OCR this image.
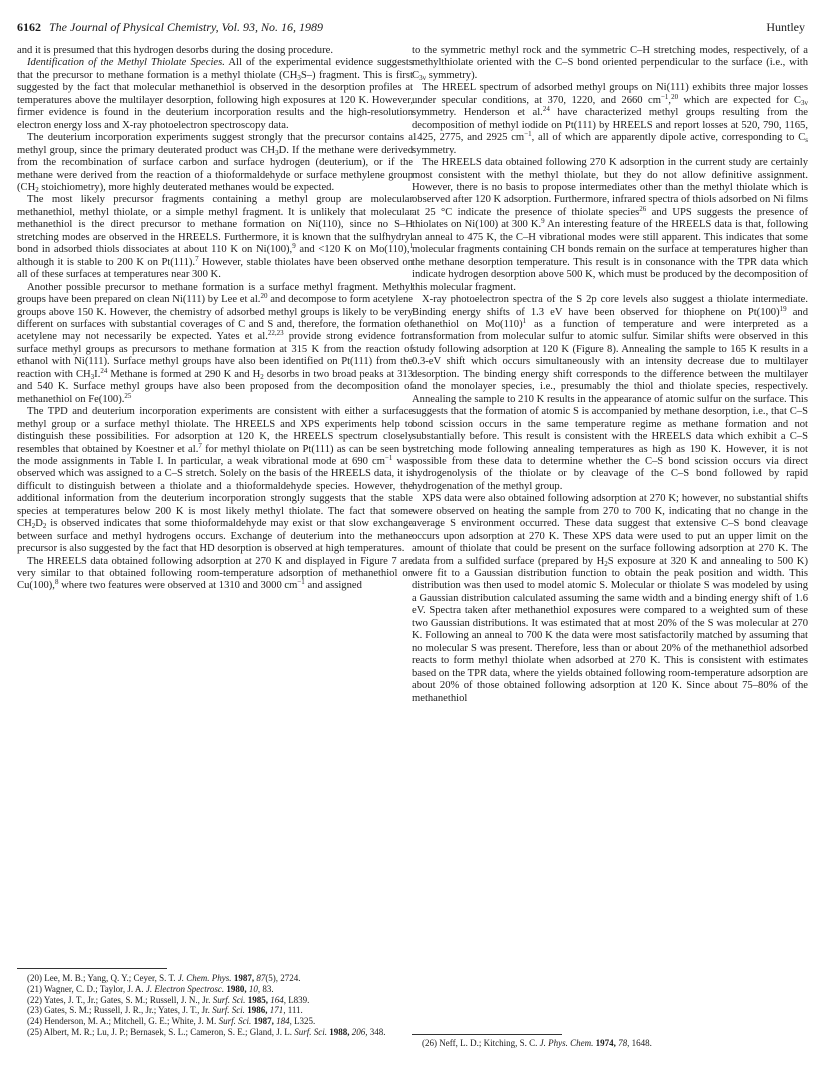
6162 The Journal of Physical Chemistry, Vol. 93, No. 16, 1989	Huntley

and it is presumed that this hydrogen desorbs during the dosing procedure.

Identification of the Methyl Thiolate Species. All of the experimental evidence suggests that the precursor to methane formation is a methyl thiolate $(CH_3S-)$ fragment. This is first suggested by the fact that molecular methanethiol is observed in the desorption profiles at temperatures above the multilayer desorption, following high exposures at 120 K. However, firmer evidence is found in the deuterium incorporation results and the high-resolution electron energy loss and X-ray photoelectron spectroscopy data.

The deuterium incorporation experiments suggest strongly that the precursor contains a methyl group, since the primary deuterated product was $CH_3D$. If the methane were derived from the recombination of surface carbon and surface hydrogen (deuterium), or if the methane were derived from the reaction of a thioformaldehyde or surface methylene group ($CH_2$ stoichiometry), more highly deuterated methanes would be expected.

The most likely precursor fragments containing a methyl group are molecular methanethiol, methyl thiolate, or a simple methyl fragment. It is unlikely that molecular methanethiol is the direct precursor to methane formation on Ni(110), since no S–H stretching modes are observed in the HREELS. Furthermore, it is known that the sulfhydryl bond in adsorbed thiols dissociates at about 110 K on Ni(100),$^9$ and <120 K on Mo(110),$^1$ although it is stable to 200 K on Pt(111).$^7$ However, stable thiolates have been observed on all of these surfaces at temperatures near 300 K.

Another possible precursor to methane formation is a surface methyl fragment. Methyl groups have been prepared on clean Ni(111) by Lee et al.$^{20}$ and decompose to form acetylene groups above 150 K. However, the chemistry of adsorbed methyl groups is likely to be very different on surfaces with substantial coverages of C and S and, therefore, the formation of acetylene may not necessarily be expected. Yates et al.$^{22,23}$ provide strong evidence for surface methyl groups as precursors to methane formation at 315 K from the reaction of ethanol with Ni(111). Surface methyl groups have also been identified on Pt(111) from the reaction with $CH_3I.^{24}$ Methane is formed at 290 K and $H_2$ desorbs in two broad peaks at 313 and 540 K. Surface methyl groups have also been proposed from the decomposition of methanethiol on Fe(100).$^{25}$

The TPD and deuterium incorporation experiments are consistent with either a surface methyl group or a surface methyl thiolate. The HREELS and XPS experiments help to distinguish these possibilities. For adsorption at 120 K, the HREELS spectrum closely resembles that obtained by Koestner et al.$^7$ for methyl thiolate on Pt(111) as can be seen by the mode assignments in Table I. In particular, a weak vibrational mode at 690 $cm^{-1}$ was observed which was assigned to a C–S stretch. Solely on the basis of the HREELS data, it is difficult to distinguish between a thiolate and a thioformaldehyde species. However, the additional information from the deuterium incorporation strongly suggests that the stable species at temperatures below 200 K is most likely methyl thiolate. The fact that some $CH_2D_2$ is observed indicates that some thioformaldehyde may exist or that slow exchange between surface and methyl hydrogens occurs. Exchange of deuterium into the methane precursor is also suggested by the fact that HD desorption is observed at high temperatures.

The HREELS data obtained following adsorption at 270 K and displayed in Figure 7 are very similar to that obtained following room-temperature adsorption of methanethiol on Cu(100),$^8$ where two features were observed at 1310 and 3000 $cm^{-1}$ and assigned

(20) Lee, M. B.; Yang, Q. Y.; Ceyer, S. T. J. Chem. Phys. 1987, 87(5), 2724.

(21) Wagner, C. D.; Taylor, J. A. J. Electron Spectrosc. 1980, 10, 83.

(22) Yates, J. T., Jr.; Gates, S. M.; Russell, J. N., Jr. Surf. Sci. 1985, 164, L839.

(23) Gates, S. M.; Russell, J. R., Jr.; Yates, J. T., Jr. Surf. Sci. 1986, 171, 111.

(24) Henderson, M. A.; Mitchell, G. E.; White, J. M. Surf. Sci. 1987, 184, L325.

(25) Albert, M. R.; Lu, J. P.; Bernasek, S. L.; Cameron, S. E.; Gland, J. L. Surf. Sci. 1988, 206, 348.

to the symmetric methyl rock and the symmetric C–H stretching modes, respectively, of a methylthiolate oriented with the C–S bond oriented perpendicular to the surface (i.e., with $C_{3v}$ symmetry).

The HREEL spectrum of adsorbed methyl groups on Ni(111) exhibits three major losses under specular conditions, at 370, 1220, and 2660 $cm^{-1},^{20}$ which are expected for $C_{3v}$ symmetry. Henderson et al.$^{24}$ have characterized methyl groups resulting from the decomposition of methyl iodide on Pt(111) by HREELS and report losses at 520, 790, 1165, 1425, 2775, and 2925 $cm^{-1}$, all of which are apparently dipole active, corresponding to $C_s$ symmetry.

The HREELS data obtained following 270 K adsorption in the current study are certainly most consistent with the methyl thiolate, but they do not allow definitive assignment. However, there is no basis to propose intermediates other than the methyl thiolate which is observed after 120 K adsorption. Furthermore, infrared spectra of thiols adsorbed on Ni films at 25 °C indicate the presence of thiolate species$^{26}$ and UPS suggests the presence of thiolates on Ni(100) at 300 K.$^9$ An interesting feature of the HREELS data is that, following an anneal to 475 K, the C–H vibrational modes were still apparent. This indicates that some molecular fragments containing CH bonds remain on the surface at temperatures higher than the methane desorption temperature. This result is in consonance with the TPR data which indicate hydrogen desorption above 500 K, which must be produced by the decomposition of this molecular fragment.

X-ray photoelectron spectra of the S 2p core levels also suggest a thiolate intermediate. Binding energy shifts of 1.3 eV have been observed for thiophene on $Pt(100)^{19}$ and ethanethiol on $Mo(110)^1$ as a function of temperature and were interpreted as a transformation from molecular sulfur to atomic sulfur. Similar shifts were observed in this study following adsorption at 120 K (Figure 8). Annealing the sample to 165 K results in a 0.3-eV shift which occurs simultaneously with an intensity decrease due to multilayer desorption. The binding energy shift corresponds to the difference between the multilayer and the monolayer species, i.e., presumably the thiol and thiolate species, respectively. Annealing the sample to 210 K results in the appearance of atomic sulfur on the surface. This suggests that the formation of atomic S is accompanied by methane desorption, i.e., that C–S bond scission occurs in the same temperature regime as methane formation and not substantially before. This result is consistent with the HREELS data which exhibit a C–S stretching mode following annealing temperatures as high as 190 K. However, it is not possible from these data to determine whether the C–S bond scission occurs via direct hydrogenolysis of the thiolate or by cleavage of the C–S bond followed by rapid hydrogenation of the methyl group.

XPS data were also obtained following adsorption at 270 K; however, no substantial shifts were observed on heating the sample from 270 to 700 K, indicating that no change in the average S environment occurred. These data suggest that extensive C–S bond cleavage occurs upon adsorption at 270 K. These XPS data were used to put an upper limit on the amount of thiolate that could be present on the surface following adsorption at 270 K. The data from a sulfided surface (prepared by $H_2S$ exposure at 320 K and annealing to 500 K) were fit to a Gaussian distribution function to obtain the peak position and width. This distribution was then used to model atomic S. Molecular or thiolate S was modeled by using a Gaussian distribution calculated assuming the same width and a binding energy shift of 1.6 eV. Spectra taken after methanethiol exposures were compared to a weighted sum of these two Gaussian distributions. It was estimated that at most 20% of the S was molecular at 270 K. Following an anneal to 700 K the data were most satisfactorily matched by assuming that no molecular S was present. Therefore, less than or about 20% of the methanethiol adsorbed reacts to form methyl thiolate when adsorbed at 270 K. This is consistent with estimates based on the TPR data, where the yields obtained following room-temperature adsorption are about 20% of those obtained following adsorption at 120 K. Since about 75–80% of the methanethiol

(26) Neff, L. D.; Kitching, S. C. J. Phys. Chem. 1974, 78, 1648.
